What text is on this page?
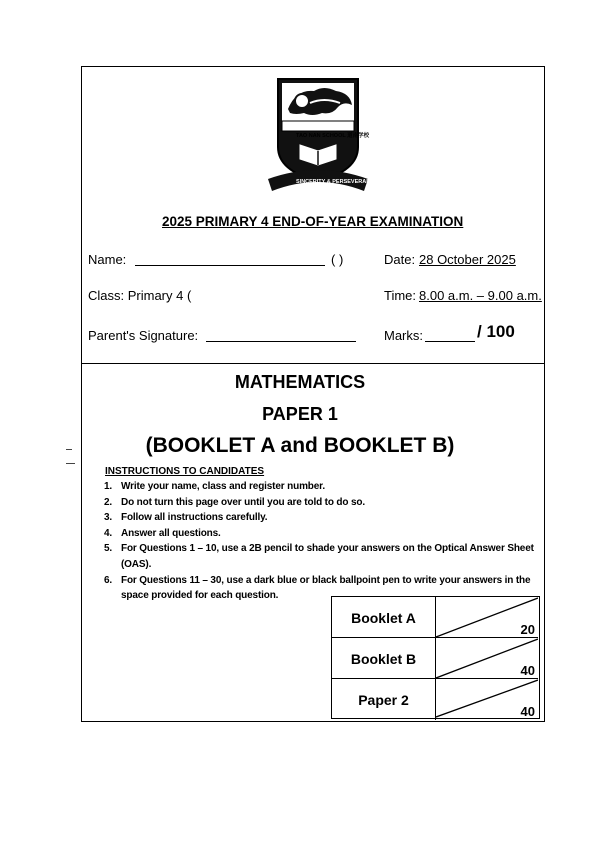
TAO NAN SCHOOL 道南学校
SINCERITY & PERSEVERANCE
2025 PRIMARY 4 END-OF-YEAR EXAMINATION
Name:	( )	Date: 28 October 2025
Class: Primary 4 (	Time: 8.00 a.m. – 9.00 a.m.
Parent's Signature:	Marks:	/ 100
MATHEMATICS
PAPER 1
(BOOKLET A and BOOKLET B)
INSTRUCTIONS TO CANDIDATES
1. Write your name, class and register number.
2. Do not turn this page over until you are told to do so.
3. Follow all instructions carefully.
4. Answer all questions.
5. For Questions 1 – 10, use a 2B pencil to shade your answers on the Optical Answer Sheet (OAS).
6. For Questions 11 – 30, use a dark blue or black ballpoint pen to write your answers in the space provided for each question.
Booklet A
20
Booklet B
40
Paper 2
40
